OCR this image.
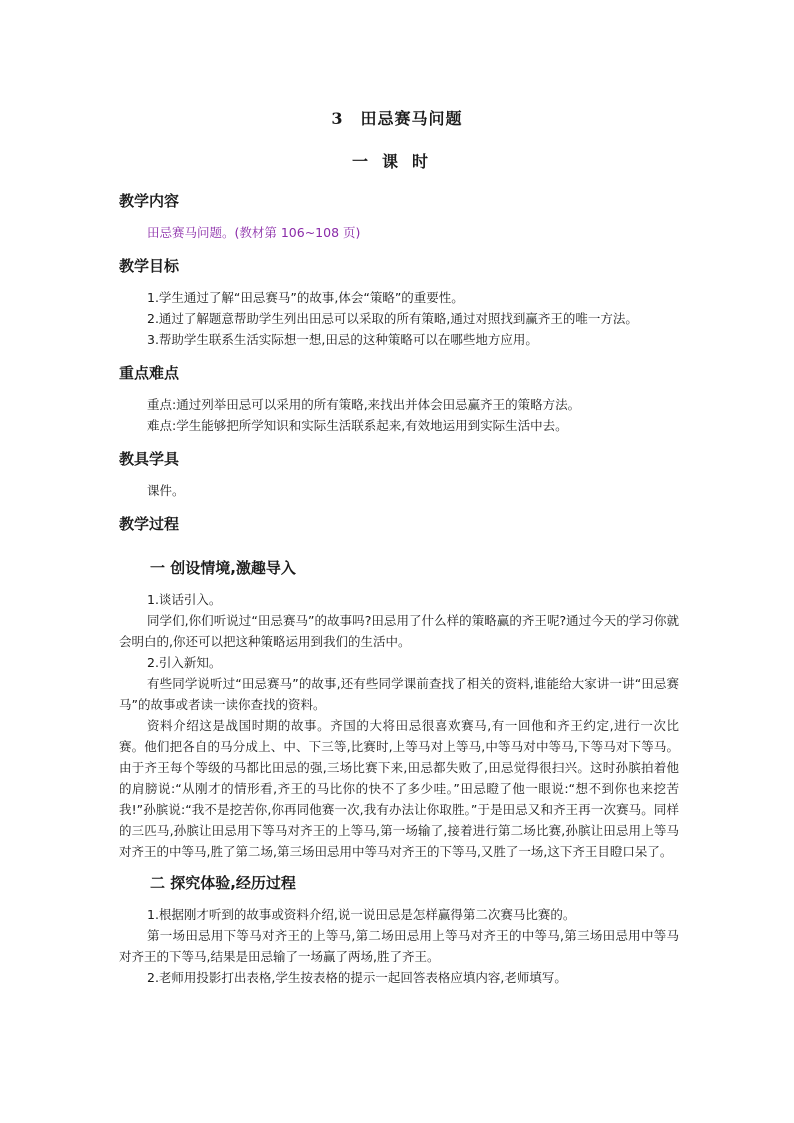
3　田忌赛马问题
一课时
教学内容

田忌赛马问题。(教材第 106~108 页)

教学目标

1.学生通过了解“田忌赛马”的故事,体会“策略”的重要性。

2.通过了解题意帮助学生列出田忌可以采取的所有策略,通过对照找到赢齐王的唯一方法。

3.帮助学生联系生活实际想一想,田忌的这种策略可以在哪些地方应用。

重点难点

重点:通过列举田忌可以采用的所有策略,来找出并体会田忌赢齐王的策略方法。

难点:学生能够把所学知识和实际生活联系起来,有效地运用到实际生活中去。

教具学具

课件。

教学过程
一 创设情境,激趣导入

1.谈话引入。

同学们,你们听说过“田忌赛马”的故事吗?田忌用了什么样的策略赢的齐王呢?通过今天的学习你就会明白的,你还可以把这种策略运用到我们的生活中。

2.引入新知。

有些同学说听过“田忌赛马”的故事,还有些同学课前查找了相关的资料,谁能给大家讲一讲“田忌赛马”的故事或者读一读你查找的资料。

资料介绍这是战国时期的故事。齐国的大将田忌很喜欢赛马,有一回他和齐王约定,进行一次比赛。他们把各自的马分成上、中、下三等,比赛时,上等马对上等马,中等马对中等马,下等马对下等马。由于齐王每个等级的马都比田忌的强,三场比赛下来,田忌都失败了,田忌觉得很扫兴。这时孙膑拍着他的肩膀说:“从刚才的情形看,齐王的马比你的快不了多少哇。”田忌瞪了他一眼说:“想不到你也来挖苦我!”孙膑说:“我不是挖苦你,你再同他赛一次,我有办法让你取胜。”于是田忌又和齐王再一次赛马。同样的三匹马,孙膑让田忌用下等马对齐王的上等马,第一场输了,接着进行第二场比赛,孙膑让田忌用上等马对齐王的中等马,胜了第二场,第三场田忌用中等马对齐王的下等马,又胜了一场,这下齐王目瞪口呆了。

二 探究体验,经历过程

1.根据刚才听到的故事或资料介绍,说一说田忌是怎样赢得第二次赛马比赛的。

第一场田忌用下等马对齐王的上等马,第二场田忌用上等马对齐王的中等马,第三场田忌用中等马对齐王的下等马,结果是田忌输了一场赢了两场,胜了齐王。

2.老师用投影打出表格,学生按表格的提示一起回答表格应填内容,老师填写。
